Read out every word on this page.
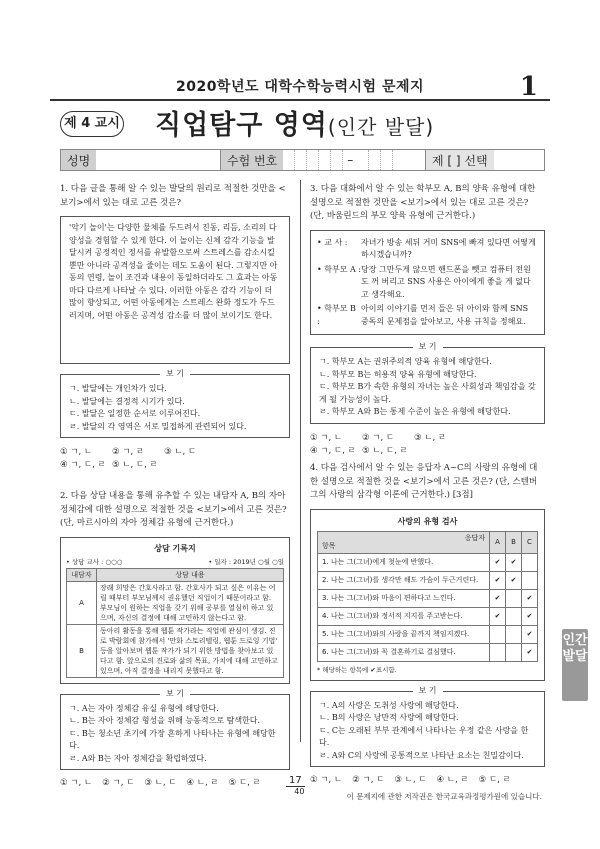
2020학년도 대학수학능력시험 문제지	1
제 4 교시 직업탐구 영역(인간 발달)
성명	수험 번호	–	제 [ ] 선택
1. 다음 글을 통해 알 수 있는 발달의 원리로 적절한 것만을 <보기>에서 있는 대로 고른 것은?
'악기 놀이'는 다양한 물체를 두드려서 진동, 리듬, 소리의 다양성을 경험할 수 있게 한다. 이 놀이는 신체 감각 기능을 발달시켜 공정적인 정서를 유발함으로써 스트레스를 감소시킬 뿐만 아니라 공격성을 줄이는 데도 도움이 된다. 그렇지만 아동의 연령, 놀이 조건과 내용이 동일하더라도 그 효과는 아동마다 다르게 나타날 수 있다. 이러한 아동은 감각 기능이 더 많이 향상되고, 어떤 아동에게는 스트레스 완화 정도가 두드러지며, 어떤 아동은 공격성 감소를 더 많이 보이기도 한다.
보 기
ㄱ. 발달에는 개인차가 있다.
ㄴ. 발달에는 결정적 시기가 있다.
ㄷ. 발달은 일정한 순서로 이루어진다.
ㄹ. 발달의 각 영역은 서로 밀접하게 관련되어 있다.
① ㄱ, ㄴ	② ㄱ, ㄹ	③ ㄴ, ㄷ
④ ㄱ, ㄷ, ㄹ ⑤ ㄴ, ㄷ, ㄹ
2. 다음 상담 내용을 통해 유추할 수 있는 내담자 A, B의 자아 정체감에 대한 설명으로 적절한 것을 <보기>에서 고른 것은? (단, 마르시아의 자아 정체감 유형에 근거한다.)
상담 기록지
• 상담 교사 : ○○○	• 일자 : 2019년 ○월 ○일
내담자	상담 내용
A	장래 희망은 간호사라고 함. 간호사가 되고 싶은 이유는 어릴 때부터 부모님께서 권유했던 직업이기 때문이라고 함. 부모님이 원하는 직업을 갖기 위해 공부를 열심히 하고 있으며, 자신의 결정에 대해 고민하지 않는다고 함.
B	동아리 활동을 통해 웹툰 작가라는 직업에 관심이 생김. 진로 박람회에 참가해서 '만화 스토리텔링, 웹툰 드로잉 기법' 등을 알아보며 웹툰 작가가 되기 위한 방법을 찾아보고 있다고 함. 앞으로의 진로와 삶의 목표, 가치에 대해 고민하고 있으며, 아직 결정을 내리지 못했다고 함.
보 기
ㄱ. A는 자아 정체감 유실 유형에 해당한다.
ㄴ. B는 자아 정체감 형성을 위해 능동적으로 탐색한다.
ㄷ. B는 청소년 초기에 가장 흔하게 나타나는 유형에 해당한다.
ㄹ. A와 B는 자아 정체감을 확립하였다.
① ㄱ, ㄴ ② ㄱ, ㄷ ③ ㄴ, ㄷ ④ ㄴ, ㄹ ⑤ ㄷ, ㄹ
3. 다음 대화에서 알 수 있는 학부모 A, B의 양육 유형에 대한 설명으로 적절한 것만을 <보기>에서 있는 대로 고른 것은? (단, 바움린드의 부모 양육 유형에 근거한다.)
• 교 사 :	자녀가 방송 세뒤 거미 SNS에 빠져 있다면 어떻게 하시겠습니까?
• 학부모 A : 당장 그만두게 않으면 핸드폰을 뺏고 컴퓨터 전원도 꺼 버리고 SNS 사용은 아이에게 좋을 게 없다고 생각해요.
• 학부모 B :
아이의 이야기를 먼저 들은 뒤 아이와 함께 SNS 중독의 문제점을 알아보고, 사용 규칙을 정해요.
보 기
ㄱ. 학부모 A는 권위주의적 양육 유형에 해당한다.
ㄴ. 학부모 B는 허용적 양육 유형에 해당한다.
ㄷ. 학부모 B가 속한 유형의 자녀는 높은 사회성과 책임감을 갖게 될 가능성이 높다.
ㄹ. 학부모 A와 B는 통제 수준이 높은 유형에 해당한다.
① ㄱ, ㄴ	② ㄱ, ㄷ	③ ㄴ, ㄹ
④ ㄱ, ㄷ, ㄹ ⑤ ㄴ, ㄷ, ㄹ
4. 다음 검사에서 알 수 있는 응답자 A~C의 사랑의 유형에 대한 설명으로 적절한 것을 <보기>에서 고른 것은? (단, 스텐버그의 사랑의 삼각형 이론에 근거한다.) [3점]
사랑의 유형 검사
응답자
항목	A	B	C
1. 나는 그(그녀)에게 첫눈에 반했다.	✔	✔	
2. 나는 그(그녀)를 생각만 해도 가슴이 두근거린다.	✔	✔	
3. 나는 그(그녀)와 마음이 편하다고 느낀다.	✔		✔
4. 나는 그(그녀)와 정서적 지지를 주고받는다.	✔		✔
5. 나는 그(그녀)와의 사랑을 끝까지 책임지겠다.			✔
6. 나는 그(그녀)와 꼭 결혼하기로 결심했다.			✔
* 해당하는 항목에 ✔표시함.
보 기
ㄱ. A의 사랑은 도취성 사랑에 해당한다.
ㄴ. B의 사랑은 낭만적 사랑에 해당한다.
ㄷ. C는 오래된 부부 관계에서 나타나는 우정 같은 사랑을 한다.
ㄹ. A와 C의 사랑에 공통적으로 나타난 요소는 친밀감이다.
① ㄱ, ㄴ ② ㄱ, ㄷ ③ ㄴ, ㄷ ④ ㄴ, ㄹ ⑤ ㄷ, ㄹ
인간 발달
17
40
이 문제지에 관한 저작권은 한국교육과정평가원에 있습니다.
